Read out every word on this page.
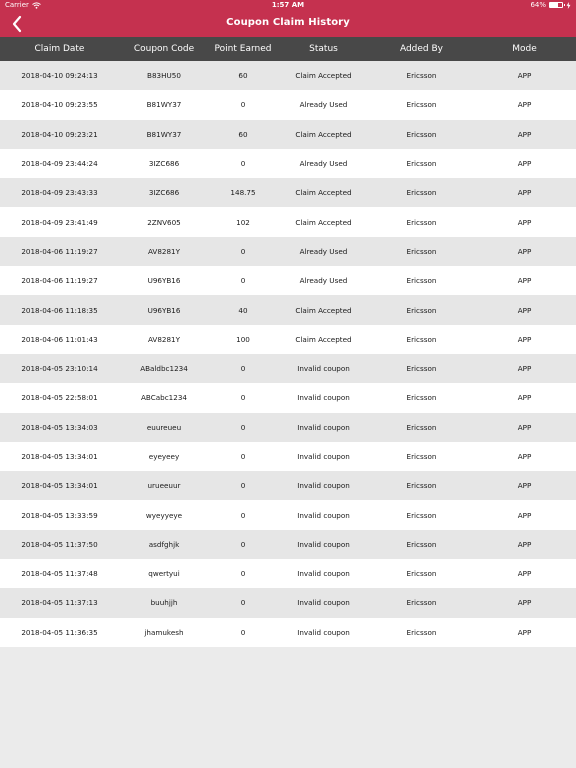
Carrier	1:57 AM	64%
Coupon Claim History
Claim Date	Coupon Code	Point Earned	Status	Added By	Mode
2018-04-10 09:24:13	B83HU50	60	Claim Accepted	Ericsson	APP
2018-04-10 09:23:55	B81WY37	0	Already Used	Ericsson	APP
2018-04-10 09:23:21	B81WY37	60	Claim Accepted	Ericsson	APP
2018-04-09 23:44:24	3IZC686	0	Already Used	Ericsson	APP
2018-04-09 23:43:33	3IZC686	148.75	Claim Accepted	Ericsson	APP
2018-04-09 23:41:49	2ZNV605	102	Claim Accepted	Ericsson	APP
2018-04-06 11:19:27	AV8281Y	0	Already Used	Ericsson	APP
2018-04-06 11:19:27	U96YB16	0	Already Used	Ericsson	APP
2018-04-06 11:18:35	U96YB16	40	Claim Accepted	Ericsson	APP
2018-04-06 11:01:43	AV8281Y	100	Claim Accepted	Ericsson	APP
2018-04-05 23:10:14	ABaldbc1234	0	Invalid coupon	Ericsson	APP
2018-04-05 22:58:01	ABCabc1234	0	Invalid coupon	Ericsson	APP
2018-04-05 13:34:03	euureueu	0	Invalid coupon	Ericsson	APP
2018-04-05 13:34:01	eyeyeey	0	Invalid coupon	Ericsson	APP
2018-04-05 13:34:01	urueeuur	0	Invalid coupon	Ericsson	APP
2018-04-05 13:33:59	wyeyyeye	0	Invalid coupon	Ericsson	APP
2018-04-05 11:37:50	asdfghjk	0	Invalid coupon	Ericsson	APP
2018-04-05 11:37:48	qwertyui	0	Invalid coupon	Ericsson	APP
2018-04-05 11:37:13	buuhjjh	0	Invalid coupon	Ericsson	APP
2018-04-05 11:36:35	jhamukesh	0	Invalid coupon	Ericsson	APP
